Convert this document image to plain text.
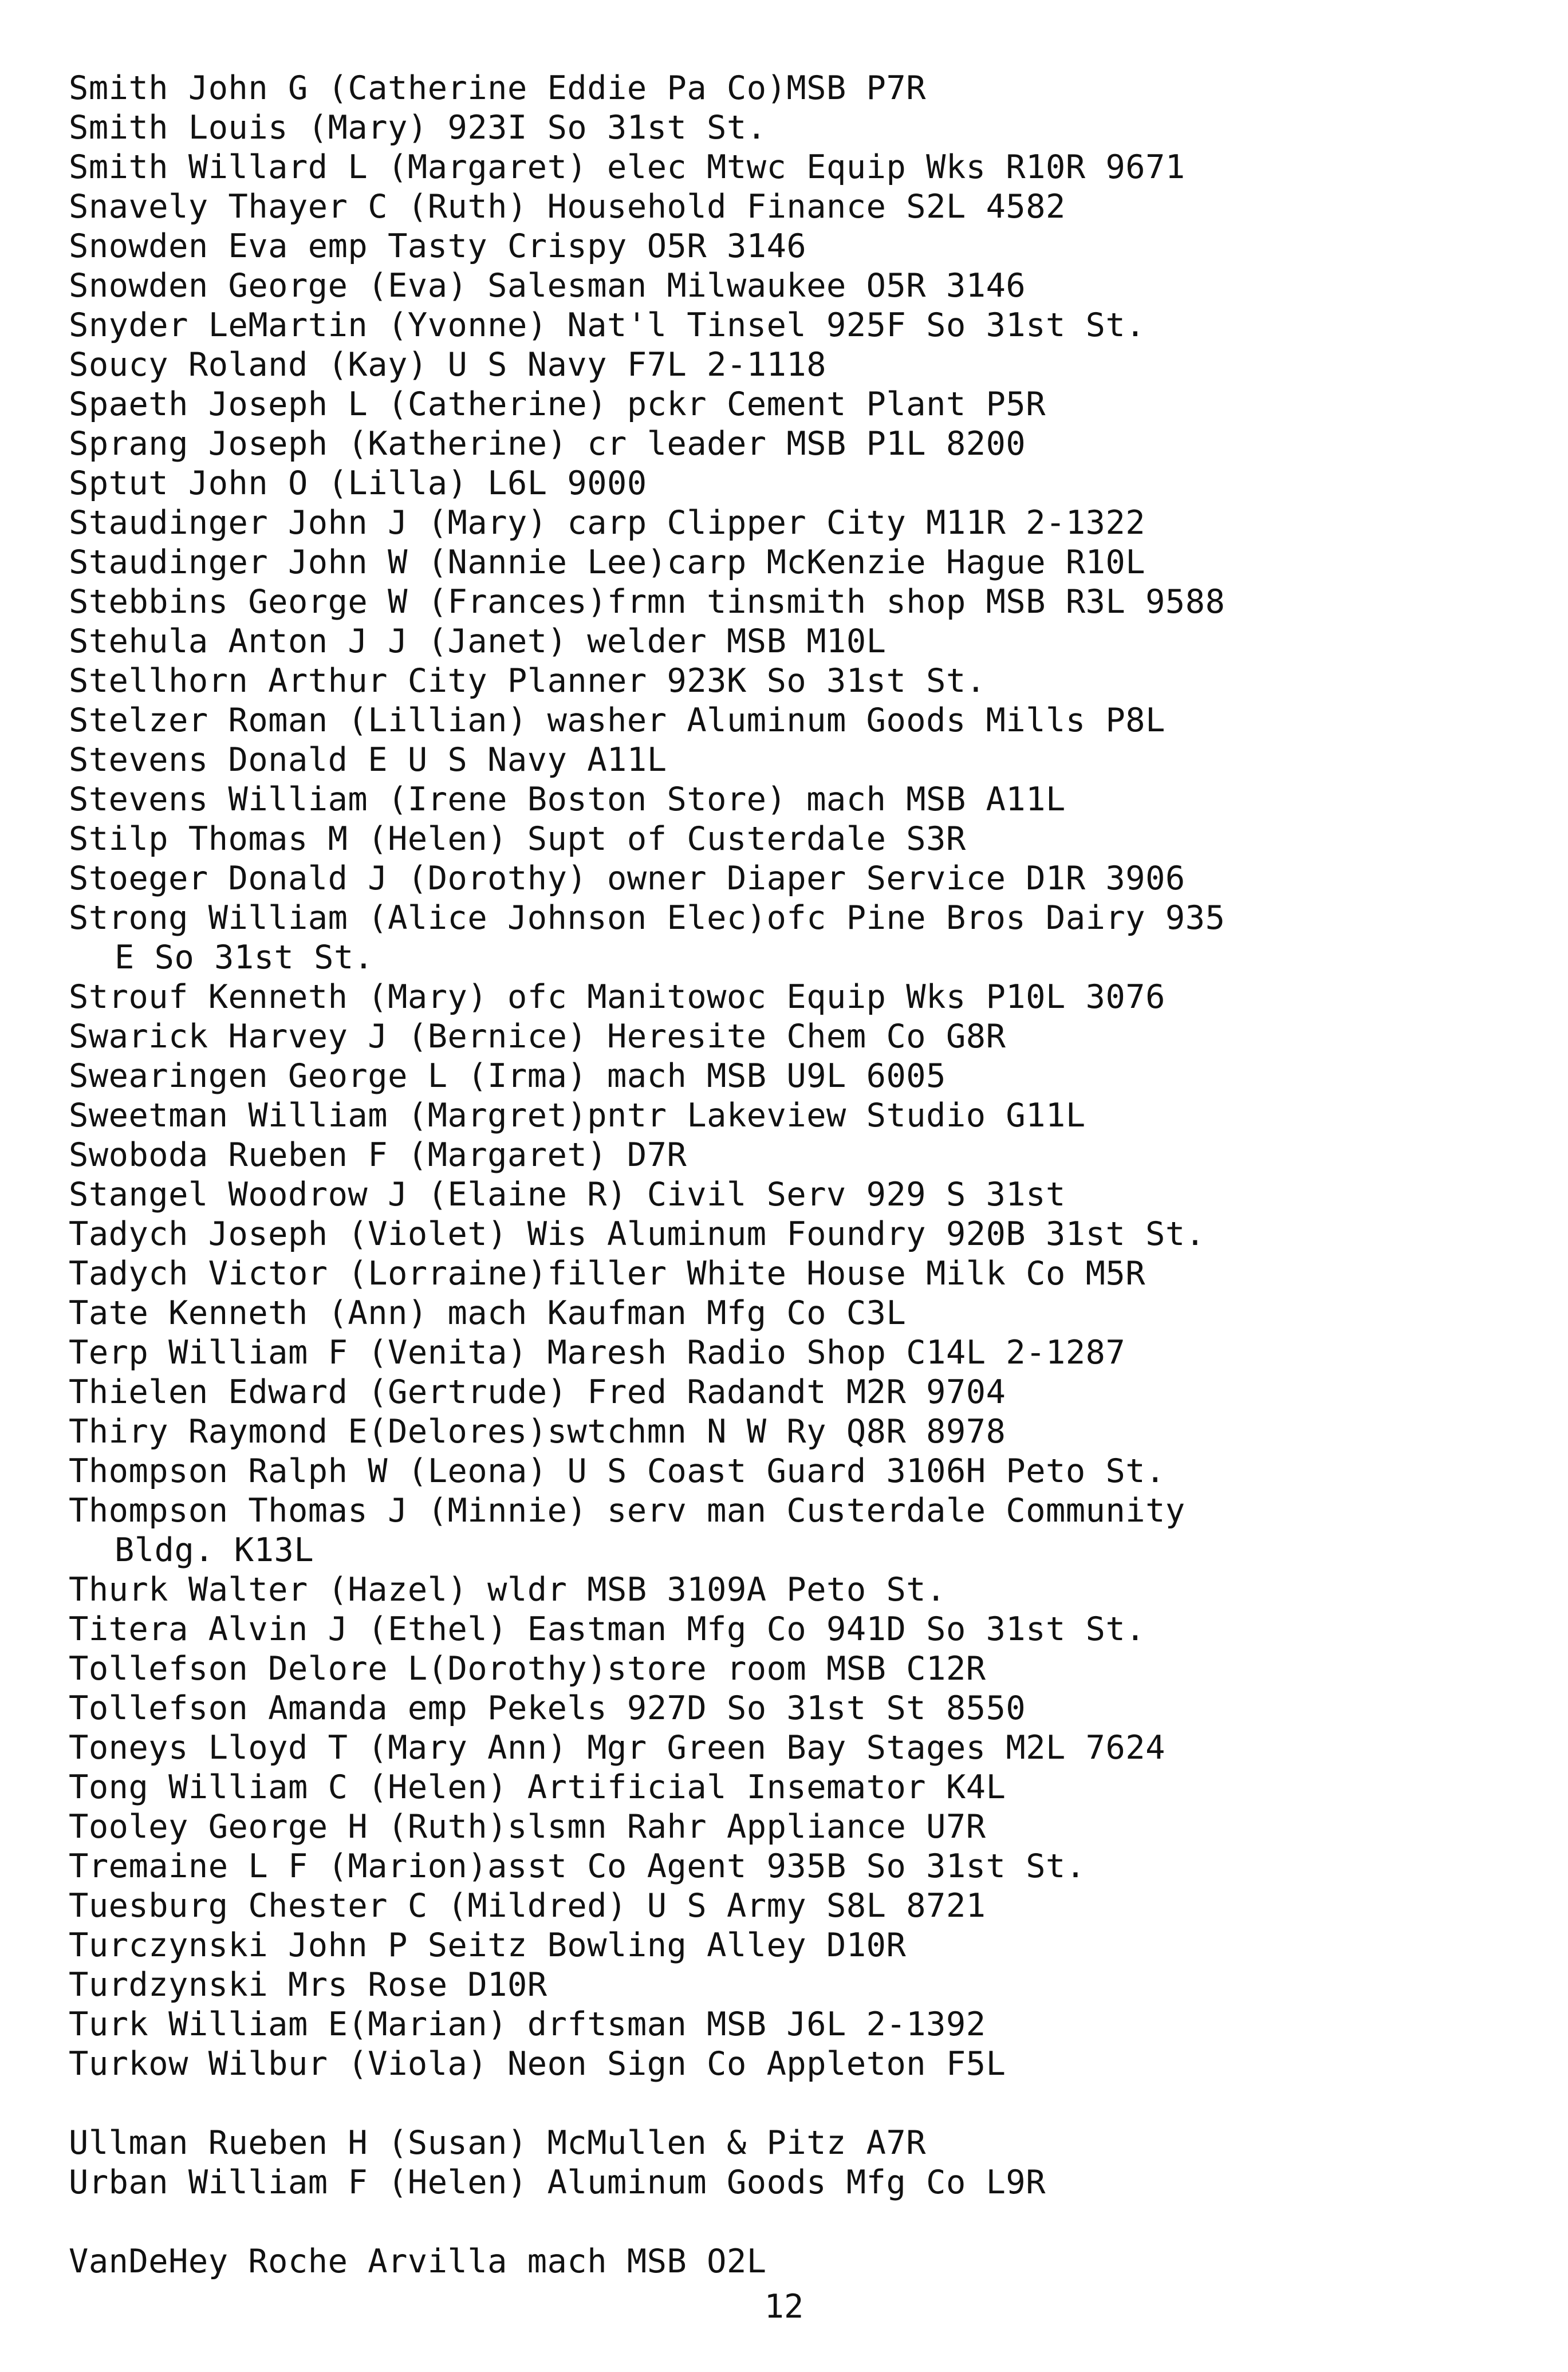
Smith John G (Catherine Eddie Pa Co)MSB P7R
Smith Louis (Mary) 923I So 31st St.
Smith Willard L (Margaret) elec Mtwc Equip Wks R10R 9671
Snavely Thayer C (Ruth) Household Finance S2L 4582
Snowden Eva emp Tasty Crispy O5R 3146
Snowden George (Eva) Salesman Milwaukee O5R 3146
Snyder LeMartin (Yvonne) Nat'l Tinsel 925F So 31st St.
Soucy Roland (Kay) U S Navy F7L 2-1118
Spaeth Joseph L (Catherine) pckr Cement Plant P5R
Sprang Joseph (Katherine) cr leader MSB P1L 8200
Sptut John O (Lilla) L6L 9000
Staudinger John J (Mary) carp Clipper City M11R 2-1322
Staudinger John W (Nannie Lee)carp McKenzie Hague R10L
Stebbins George W (Frances)frmn tinsmith shop MSB R3L 9588
Stehula Anton J J (Janet) welder MSB M10L
Stellhorn Arthur City Planner 923K So 31st St.
Stelzer Roman (Lillian) washer Aluminum Goods Mills P8L
Stevens Donald E U S Navy A11L
Stevens William (Irene Boston Store) mach MSB A11L
Stilp Thomas M (Helen) Supt of Custerdale S3R
Stoeger Donald J (Dorothy) owner Diaper Service D1R 3906
Strong William (Alice Johnson Elec)ofc Pine Bros Dairy 935
E So 31st St.
Strouf Kenneth (Mary) ofc Manitowoc Equip Wks P10L 3076
Swarick Harvey J (Bernice) Heresite Chem Co G8R
Swearingen George L (Irma) mach MSB U9L 6005
Sweetman William (Margret)pntr Lakeview Studio G11L
Swoboda Rueben F (Margaret) D7R
Stangel Woodrow J (Elaine R) Civil Serv 929 S 31st
Tadych Joseph (Violet) Wis Aluminum Foundry 920B 31st St.
Tadych Victor (Lorraine)filler White House Milk Co M5R
Tate Kenneth (Ann) mach Kaufman Mfg Co C3L
Terp William F (Venita) Maresh Radio Shop C14L 2-1287
Thielen Edward (Gertrude) Fred Radandt M2R 9704
Thiry Raymond E(Delores)swtchmn N W Ry Q8R 8978
Thompson Ralph W (Leona) U S Coast Guard 3106H Peto St.
Thompson Thomas J (Minnie) serv man Custerdale Community
Bldg. K13L
Thurk Walter (Hazel) wldr MSB 3109A Peto St.
Titera Alvin J (Ethel) Eastman Mfg Co 941D So 31st St.
Tollefson Delore L(Dorothy)store room MSB C12R
Tollefson Amanda emp Pekels 927D So 31st St 8550
Toneys Lloyd T (Mary Ann) Mgr Green Bay Stages M2L 7624
Tong William C (Helen) Artificial Insemator K4L
Tooley George H (Ruth)slsmn Rahr Appliance U7R
Tremaine L F (Marion)asst Co Agent 935B So 31st St.
Tuesburg Chester C (Mildred) U S Army S8L 8721
Turczynski John P Seitz Bowling Alley D10R
Turdzynski Mrs Rose D10R
Turk William E(Marian) drftsman MSB J6L 2-1392
Turkow Wilbur (Viola) Neon Sign Co Appleton F5L
Ullman Rueben H (Susan) McMullen & Pitz A7R
Urban William F (Helen) Aluminum Goods Mfg Co L9R
VanDeHey Roche Arvilla mach MSB O2L
12
